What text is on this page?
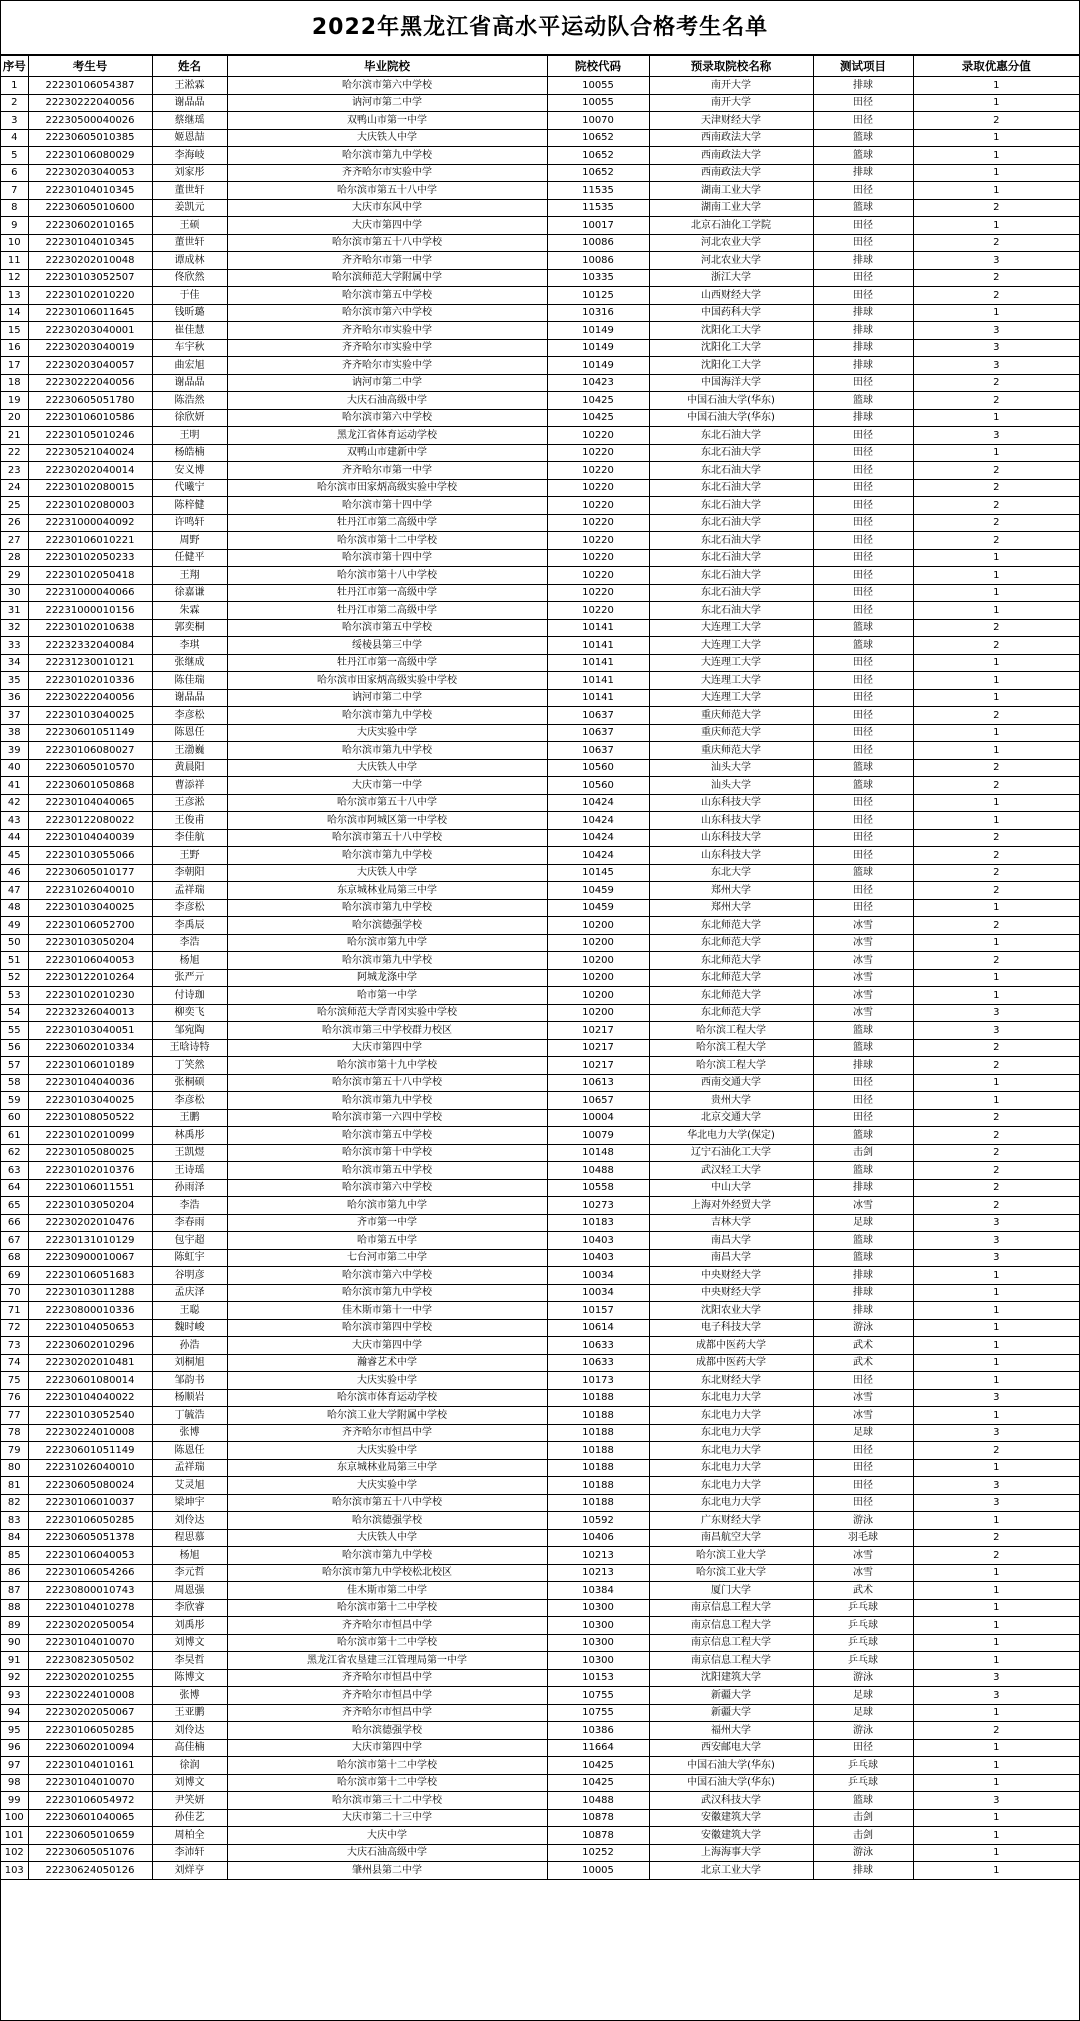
2022年黑龙江省高水平运动队合格考生名单
序号	考生号	姓名	毕业院校	院校代码	预录取院校名称	测试项目	录取优惠分值
1	22230106054387	王淞霖	哈尔滨市第六中学校	10055	南开大学	排球	1
2	22230222040056	谢晶晶	讷河市第二中学	10055	南开大学	田径	1
3	22230500040026	蔡继瑶	双鸭山市第一中学	10070	天津财经大学	田径	2
4	22230605010385	姬恩喆	大庆铁人中学	10652	西南政法大学	篮球	1
5	22230106080029	李海岐	哈尔滨市第九中学校	10652	西南政法大学	篮球	1
6	22230203040053	刘家彤	齐齐哈尔市实验中学	10652	西南政法大学	排球	1
7	22230104010345	董世轩	哈尔滨市第五十八中学	11535	湖南工业大学	田径	1
8	22230605010600	姜凯元	大庆市东风中学	11535	湖南工业大学	篮球	2
9	22230602010165	王硕	大庆市第四中学	10017	北京石油化工学院	田径	1
10	22230104010345	董世轩	哈尔滨市第五十八中学校	10086	河北农业大学	田径	2
11	22230202010048	谭成林	齐齐哈尔市第一中学	10086	河北农业大学	排球	3
12	22230103052507	佟欣然	哈尔滨师范大学附属中学	10335	浙江大学	田径	2
13	22230102010220	于佳	哈尔滨市第五中学校	10125	山西财经大学	田径	2
14	22230106011645	钱昕璐	哈尔滨市第六中学校	10316	中国药科大学	排球	1
15	22230203040001	崔佳慧	齐齐哈尔市实验中学	10149	沈阳化工大学	排球	3
16	22230203040019	车宇秋	齐齐哈尔市实验中学	10149	沈阳化工大学	排球	3
17	22230203040057	曲宏旭	齐齐哈尔市实验中学	10149	沈阳化工大学	排球	3
18	22230222040056	谢晶晶	讷河市第二中学	10423	中国海洋大学	田径	2
19	22230605051780	陈浩然	大庆石油高级中学	10425	中国石油大学(华东)	篮球	2
20	22230106010586	徐欣妍	哈尔滨市第六中学校	10425	中国石油大学(华东)	排球	1
21	22230105010246	王明	黑龙江省体育运动学校	10220	东北石油大学	田径	3
22	22230521040024	杨皓楠	双鸭山市建新中学	10220	东北石油大学	田径	1
23	22230202040014	安义博	齐齐哈尔市第一中学	10220	东北石油大学	田径	2
24	22230102080015	代曦宁	哈尔滨市田家炳高级实验中学校	10220	东北石油大学	田径	2
25	22230102080003	陈梓健	哈尔滨市第十四中学	10220	东北石油大学	田径	2
26	22231000040092	许鸣轩	牡丹江市第二高级中学	10220	东北石油大学	田径	2
27	22230106010221	周野	哈尔滨市第十二中学校	10220	东北石油大学	田径	2
28	22230102050233	任健平	哈尔滨市第十四中学	10220	东北石油大学	田径	1
29	22230102050418	王翔	哈尔滨市第十八中学校	10220	东北石油大学	田径	1
30	22231000040066	徐嘉谦	牡丹江市第一高级中学	10220	东北石油大学	田径	1
31	22231000010156	朱霖	牡丹江市第二高级中学	10220	东北石油大学	田径	1
32	22230102010638	郭奕桐	哈尔滨市第五中学校	10141	大连理工大学	篮球	2
33	22232332040084	李琪	绥棱县第三中学	10141	大连理工大学	篮球	2
34	22231230010121	张继成	牡丹江市第一高级中学	10141	大连理工大学	田径	1
35	22230102010336	陈佳瑞	哈尔滨市田家炳高级实验中学校	10141	大连理工大学	田径	1
36	22230222040056	谢晶晶	讷河市第二中学	10141	大连理工大学	田径	1
37	22230103040025	李彦松	哈尔滨市第九中学校	10637	重庆师范大学	田径	2
38	22230601051149	陈恩任	大庆实验中学	10637	重庆师范大学	田径	1
39	22230106080027	王渤巍	哈尔滨市第九中学校	10637	重庆师范大学	田径	1
40	22230605010570	黄晨阳	大庆铁人中学	10560	汕头大学	篮球	2
41	22230601050868	曹添祥	大庆市第一中学	10560	汕头大学	篮球	2
42	22230104040065	王彦淞	哈尔滨市第五十八中学	10424	山东科技大学	田径	1
43	22230122080022	王俊甫	哈尔滨市阿城区第一中学校	10424	山东科技大学	田径	1
44	22230104040039	李佳航	哈尔滨市第五十八中学校	10424	山东科技大学	田径	2
45	22230103055066	王野	哈尔滨市第九中学校	10424	山东科技大学	田径	2
46	22230605010177	李朝阳	大庆铁人中学	10145	东北大学	篮球	2
47	22231026040010	孟祥瑞	东京城林业局第三中学	10459	郑州大学	田径	2
48	22230103040025	李彦松	哈尔滨市第九中学校	10459	郑州大学	田径	1
49	22230106052700	李禹辰	哈尔滨德强学校	10200	东北师范大学	冰雪	2
50	22230103050204	李浩	哈尔滨市第九中学	10200	东北师范大学	冰雪	1
51	22230106040053	杨旭	哈尔滨市第九中学校	10200	东北师范大学	冰雪	2
52	22230122010264	张严亓	阿城龙涤中学	10200	东北师范大学	冰雪	1
53	22230102010230	付诗珈	哈市第一中学	10200	东北师范大学	冰雪	1
54	22232326040013	柳奕飞	哈尔滨师范大学青冈实验中学校	10200	东北师范大学	冰雪	3
55	22230103040051	邹宛陶	哈尔滨市第三中学校群力校区	10217	哈尔滨工程大学	篮球	3
56	22230602010334	王晗诗特	大庆市第四中学	10217	哈尔滨工程大学	篮球	2
57	22230106010189	丁笑然	哈尔滨市第十九中学校	10217	哈尔滨工程大学	排球	2
58	22230104040036	张桐硕	哈尔滨市第五十八中学校	10613	西南交通大学	田径	1
59	22230103040025	李彦松	哈尔滨市第九中学校	10657	贵州大学	田径	1
60	22230108050522	王鹏	哈尔滨市第一六四中学校	10004	北京交通大学	田径	2
61	22230102010099	林禹彤	哈尔滨市第五中学校	10079	华北电力大学(保定)	篮球	2
62	22230105080025	王凯煜	哈尔滨市第十中学校	10148	辽宁石油化工大学	击剑	2
63	22230102010376	王诗瑶	哈尔滨市第五中学校	10488	武汉轻工大学	篮球	2
64	22230106011551	孙雨泽	哈尔滨市第六中学校	10558	中山大学	排球	2
65	22230103050204	李浩	哈尔滨市第九中学	10273	上海对外经贸大学	冰雪	2
66	22230202010476	李春雨	齐市第一中学	10183	吉林大学	足球	3
67	22230131010129	包宇超	哈市第五中学	10403	南昌大学	篮球	3
68	22230900010067	陈虹宇	七台河市第二中学	10403	南昌大学	篮球	3
69	22230106051683	谷明彦	哈尔滨市第六中学校	10034	中央财经大学	排球	1
70	22230103011288	孟庆泽	哈尔滨市第九中学校	10034	中央财经大学	排球	1
71	22230800010336	王聪	佳木斯市第十一中学	10157	沈阳农业大学	排球	1
72	22230104050653	魏时峻	哈尔滨市第四中学校	10614	电子科技大学	游泳	1
73	22230602010296	孙浩	大庆市第四中学	10633	成都中医药大学	武术	1
74	22230202010481	刘桐旭	瀚睿艺术中学	10633	成都中医药大学	武术	1
75	22230601080014	邹韵书	大庆实验中学	10173	东北财经大学	田径	1
76	22230104040022	杨顺岩	哈尔滨市体育运动学校	10188	东北电力大学	冰雪	3
77	22230103052540	丁毓浩	哈尔滨工业大学附属中学校	10188	东北电力大学	冰雪	1
78	22230224010008	张博	齐齐哈尔市恒昌中学	10188	东北电力大学	足球	3
79	22230601051149	陈恩任	大庆实验中学	10188	东北电力大学	田径	2
80	22231026040010	孟祥瑞	东京城林业局第三中学	10188	东北电力大学	田径	1
81	22230605080024	艾灵旭	大庆实验中学	10188	东北电力大学	田径	3
82	22230106010037	梁坤宇	哈尔滨市第五十八中学校	10188	东北电力大学	田径	3
83	22230106050285	刘伶达	哈尔滨德强学校	10592	广东财经大学	游泳	1
84	22230605051378	程思慕	大庆铁人中学	10406	南昌航空大学	羽毛球	2
85	22230106040053	杨旭	哈尔滨市第九中学校	10213	哈尔滨工业大学	冰雪	2
86	22230106054266	李元哲	哈尔滨市第九中学校松北校区	10213	哈尔滨工业大学	冰雪	1
87	22230800010743	周恩强	佳木斯市第二中学	10384	厦门大学	武术	1
88	22230104010278	李欣睿	哈尔滨市第十二中学校	10300	南京信息工程大学	乒乓球	1
89	22230202050054	刘禹彤	齐齐哈尔市恒昌中学	10300	南京信息工程大学	乒乓球	1
90	22230104010070	刘博文	哈尔滨市第十二中学校	10300	南京信息工程大学	乒乓球	1
91	22230823050502	李昊哲	黑龙江省农垦建三江管理局第一中学	10300	南京信息工程大学	乒乓球	1
92	22230202010255	陈博文	齐齐哈尔市恒昌中学	10153	沈阳建筑大学	游泳	3
93	22230224010008	张博	齐齐哈尔市恒昌中学	10755	新疆大学	足球	3
94	22230202050067	王亚鹏	齐齐哈尔市恒昌中学	10755	新疆大学	足球	1
95	22230106050285	刘伶达	哈尔滨德强学校	10386	福州大学	游泳	2
96	22230602010094	高佳楠	大庆市第四中学	11664	西安邮电大学	田径	1
97	22230104010161	徐润	哈尔滨市第十二中学校	10425	中国石油大学(华东)	乒乓球	1
98	22230104010070	刘博文	哈尔滨市第十二中学校	10425	中国石油大学(华东)	乒乓球	1
99	22230106054972	尹笑妍	哈尔滨市第三十二中学校	10488	武汉科技大学	篮球	3
100	22230601040065	孙佳艺	大庆市第二十三中学	10878	安徽建筑大学	击剑	1
101	22230605010659	周柏全	大庆中学	10878	安徽建筑大学	击剑	1
102	22230605051076	李沛轩	大庆石油高级中学	10252	上海海事大学	游泳	1
103	22230624050126	刘烊亨	肇州县第二中学	10005	北京工业大学	排球	1
